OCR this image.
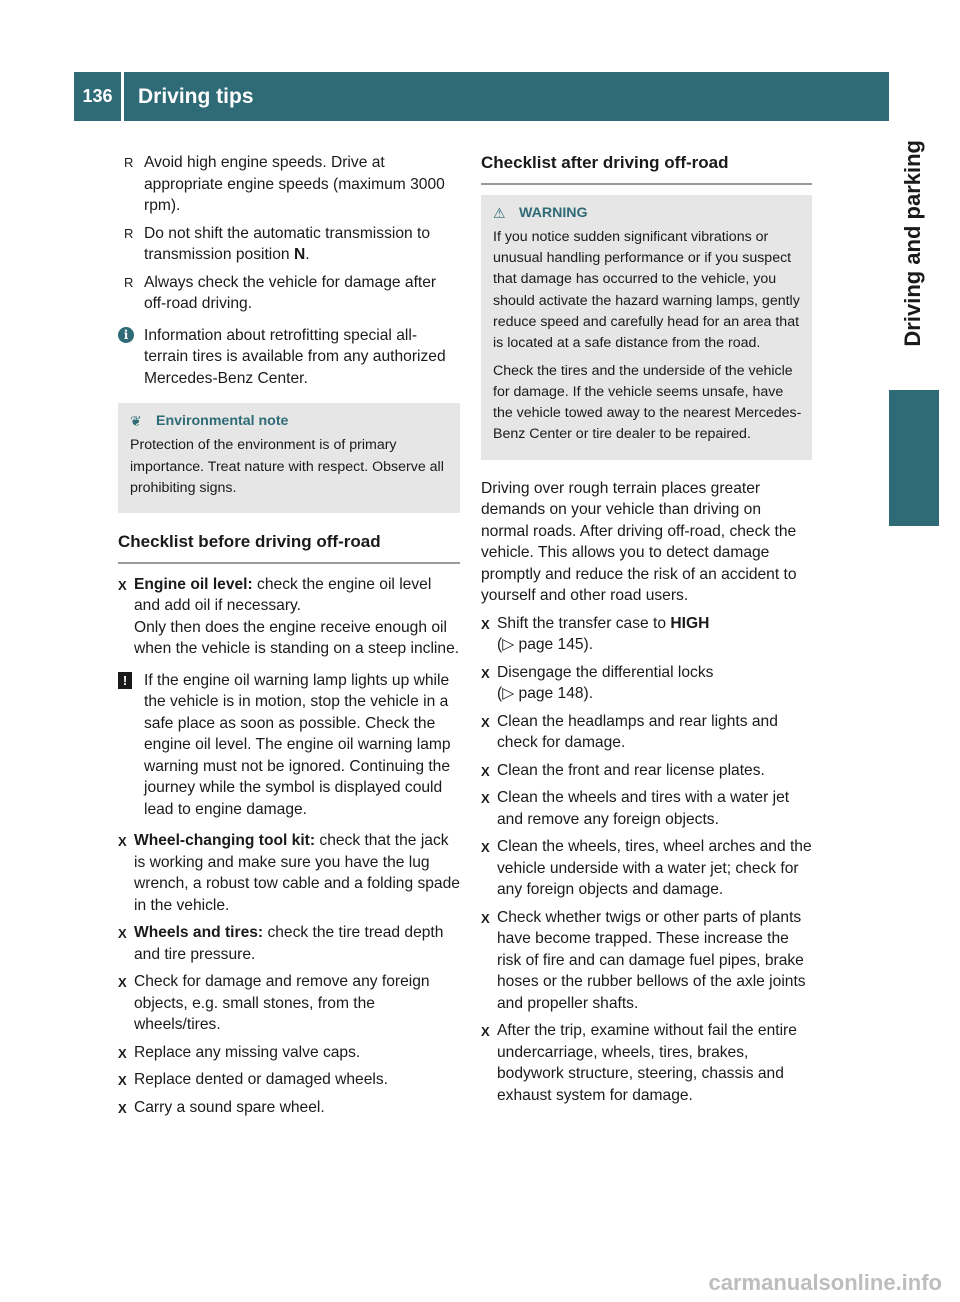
136	Driving tips
Driving and parking
R Avoid high engine speeds. Drive at appropriate engine speeds (maximum 3000 rpm).
R Do not shift the automatic transmission to transmission position N.
R Always check the vehicle for damage after off-road driving.
i	Information about retrofitting special all-terrain tires is available from any authorized Mercedes-Benz Center.
❦	Environmental note

Protection of the environment is of primary importance. Treat nature with respect. Observe all prohibiting signs.

Checklist before driving off-road
X Engine oil level: check the engine oil level and add oil if necessary.
Only then does the engine receive enough oil when the vehicle is standing on a steep incline.
!	If the engine oil warning lamp lights up while the vehicle is in motion, stop the vehicle in a safe place as soon as possible. Check the engine oil level. The engine oil warning lamp warning must not be ignored. Continuing the journey while the symbol is displayed could lead to engine damage.
X Wheel-changing tool kit: check that the jack is working and make sure you have the lug wrench, a robust tow cable and a folding spade in the vehicle.
X Wheels and tires: check the tire tread depth and tire pressure.
X Check for damage and remove any foreign objects, e.g. small stones, from the wheels/tires.
X Replace any missing valve caps.
X Replace dented or damaged wheels.
X Carry a sound spare wheel.
Checklist after driving off-road
⚠ WARNING

If you notice sudden significant vibrations or unusual handling performance or if you suspect that damage has occurred to the vehicle, you should activate the hazard warning lamps, gently reduce speed and carefully head for an area that is located at a safe distance from the road.

Check the tires and the underside of the vehicle for damage. If the vehicle seems unsafe, have the vehicle towed away to the nearest Mercedes-Benz Center or tire dealer to be repaired.

Driving over rough terrain places greater demands on your vehicle than driving on normal roads. After driving off-road, check the vehicle. This allows you to detect damage promptly and reduce the risk of an accident to yourself and other road users.

X Shift the transfer case to HIGH
(▷ page 145).
X Disengage the differential locks
(▷ page 148).
X Clean the headlamps and rear lights and check for damage.
X Clean the front and rear license plates.
X Clean the wheels and tires with a water jet and remove any foreign objects.
X Clean the wheels, tires, wheel arches and the vehicle underside with a water jet; check for any foreign objects and damage.
X Check whether twigs or other parts of plants have become trapped. These increase the risk of fire and can damage fuel pipes, brake hoses or the rubber bellows of the axle joints and propeller shafts.
X After the trip, examine without fail the entire undercarriage, wheels, tires, brakes, bodywork structure, steering, chassis and exhaust system for damage.
carmanualsonline.info
